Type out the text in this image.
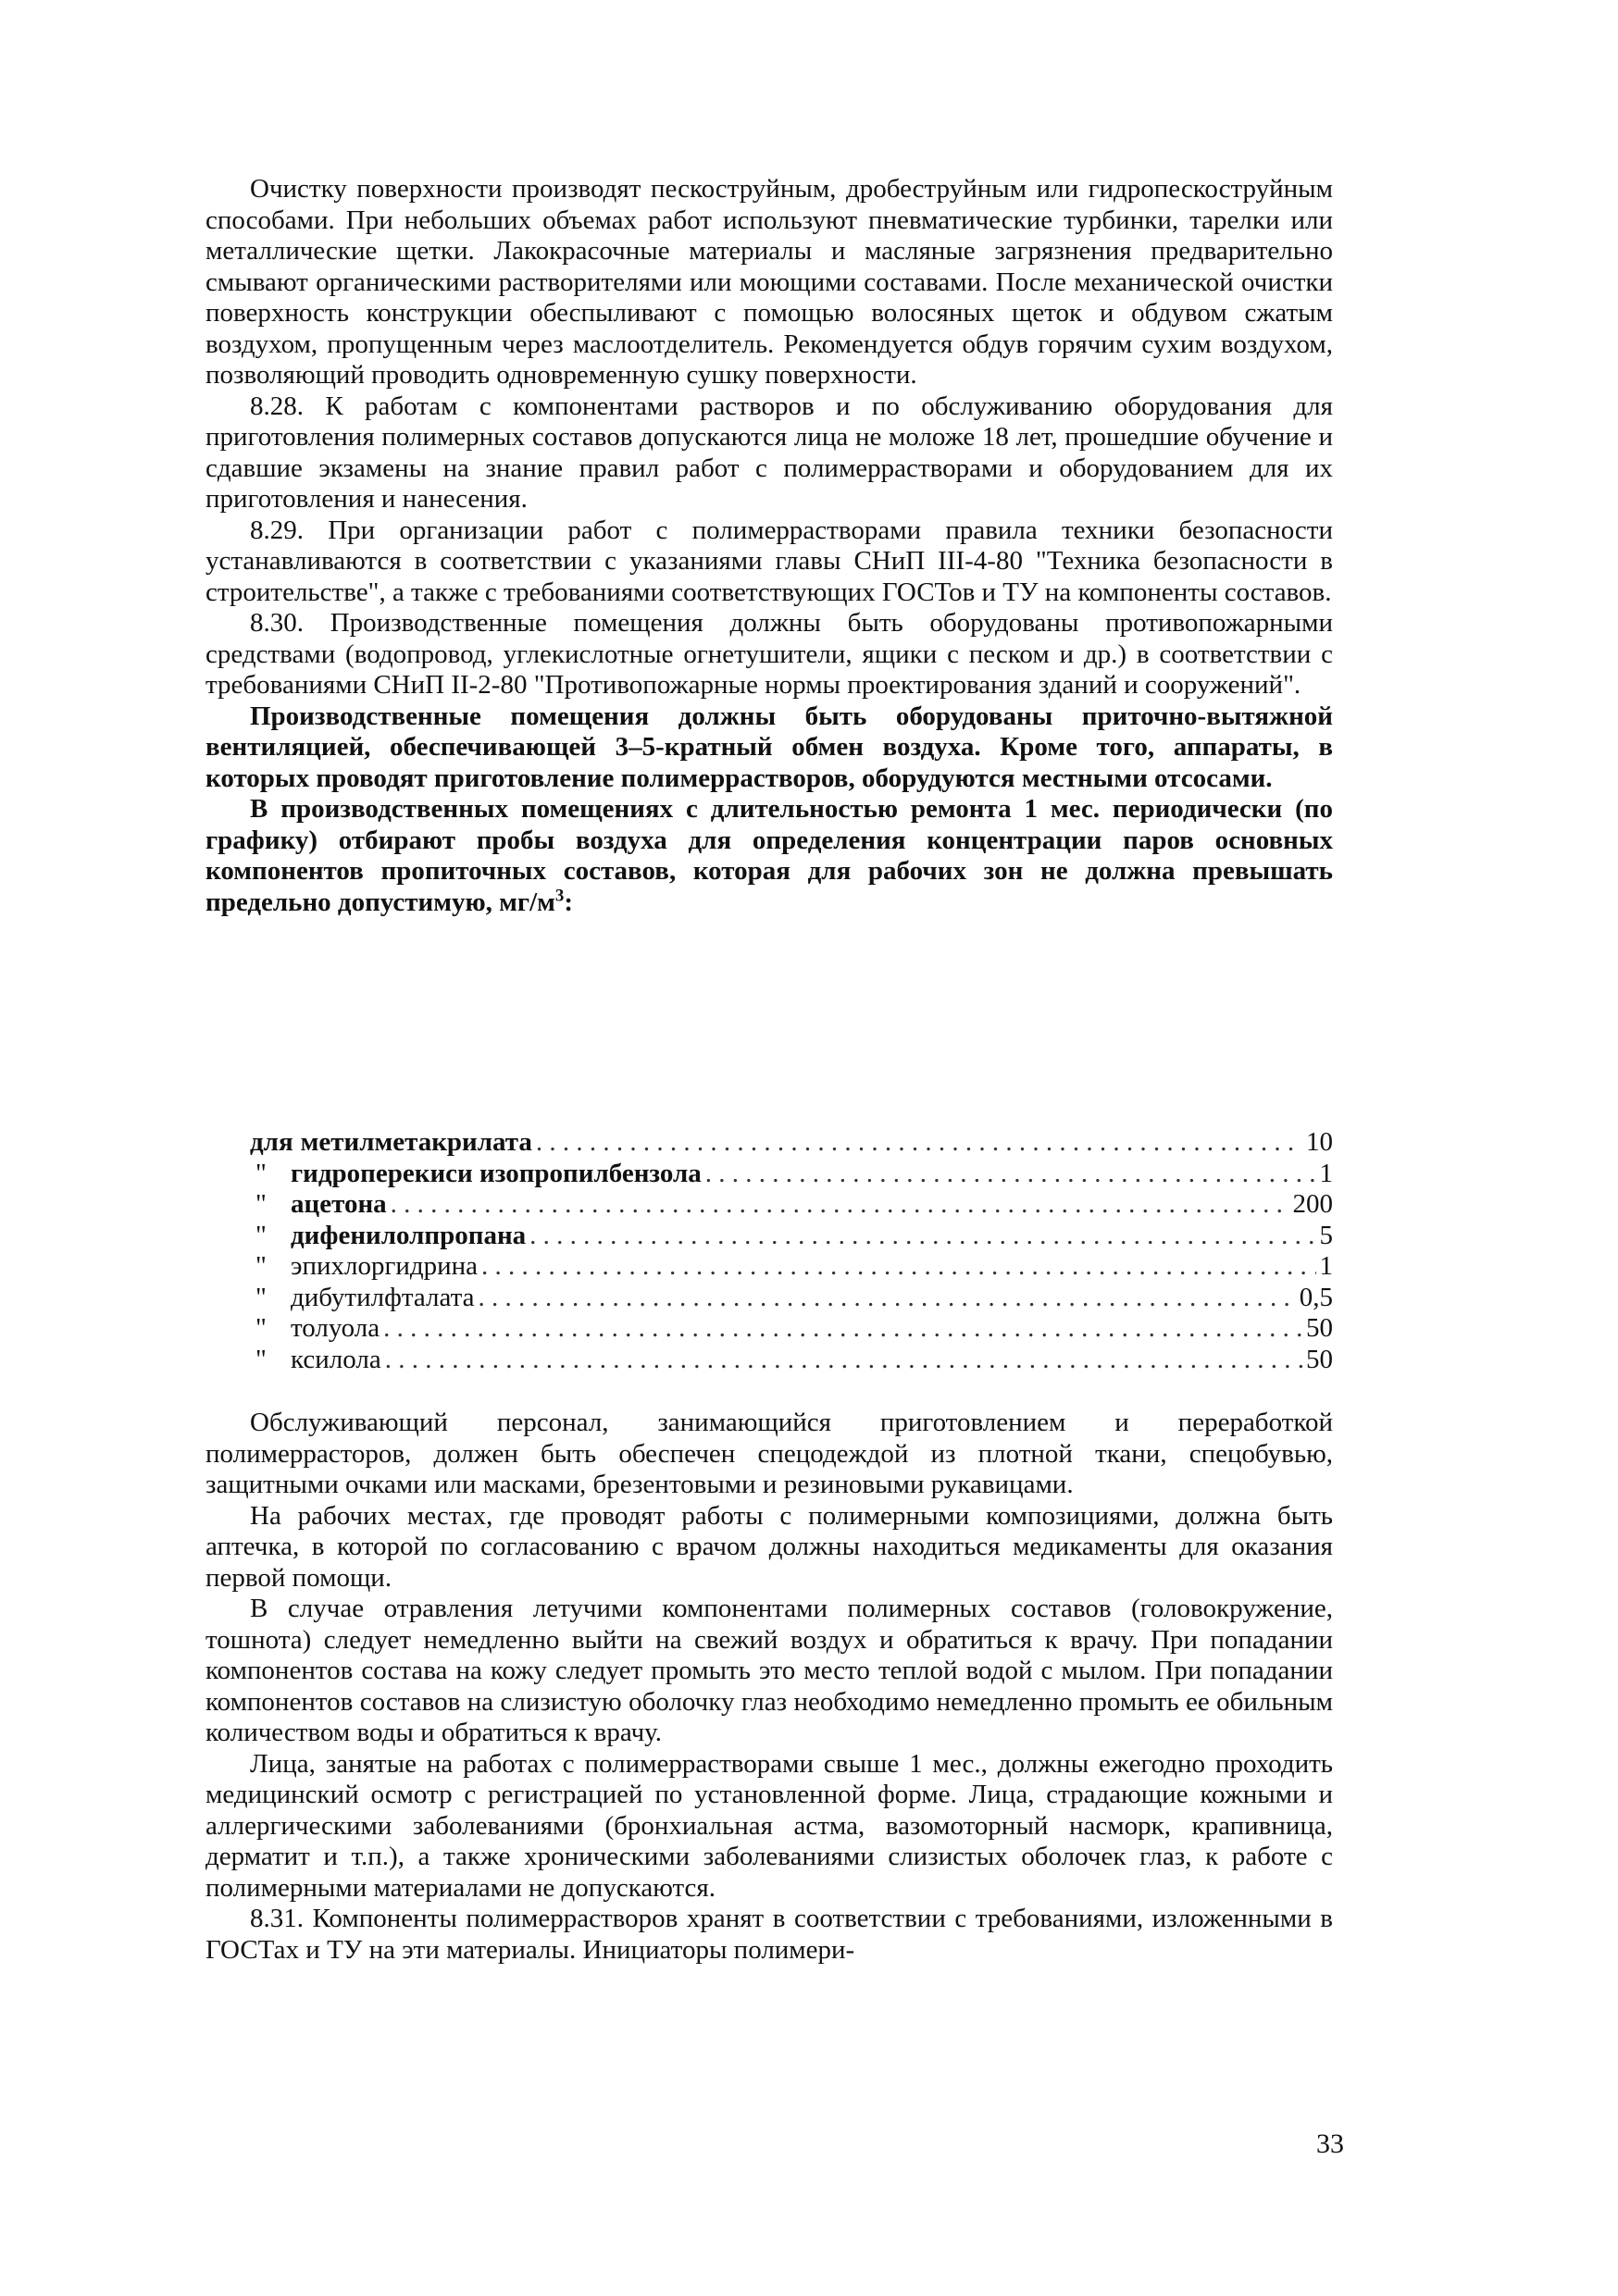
Очистку поверхности производят пескоструйным, дробеструйным или гидропескоструйным способами. При небольших объемах работ используют пневматические турбинки, тарелки или металлические щетки. Лакокрасочные материалы и масляные загрязнения предварительно смывают органическими растворителями или моющими составами. После механической очистки поверхность конструкции обеспыливают с помощью волосяных щеток и обдувом сжатым воздухом, пропущенным через маслоотделитель. Рекомендуется обдув горячим сухим воздухом, позволяющий проводить одновременную сушку поверхности.

8.28. К работам с компонентами растворов и по обслуживанию оборудования для приготовления полимерных составов допускаются лица не моложе 18 лет, прошедшие обучение и сдавшие экзамены на знание правил работ с полимеррастворами и оборудованием для их приготовления и нанесения.

8.29. При организации работ с полимеррастворами правила техники безопасности устанавливаются в соответствии с указаниями главы СНиП III-4-80 "Техника безопасности в строительстве", а также с требованиями соответствующих ГОСТов и ТУ на компоненты составов.

8.30. Производственные помещения должны быть оборудованы противопожарными средствами (водопровод, углекислотные огнетушители, ящики с песком и др.) в соответствии с требованиями СНиП II-2-80 "Противопожарные нормы проектирования зданий и сооружений".

Производственные помещения должны быть оборудованы приточно-вытяжной вентиляцией, обеспечивающей 3–5-кратный обмен воздуха. Кроме того, аппараты, в которых проводят приготовление полимеррастворов, оборудуются местными отсосами.

В производственных помещениях с длительностью ремонта 1 мес. периодически (по графику) отбирают пробы воздуха для определения концентрации паров основных компонентов пропиточных составов, которая для рабочих зон не должна превышать предельно допустимую, $мг/м^3$:

для метилметакрилата . . .	10
" гидроперекиси изопропилбензола . . .	1
" ацетона . . .	200
" дифенилолпропана . . .	5
" эпихлоргидрина . . .	1
" дибутилфталата . . .	0,5
" толуола . . .	50
" ксилола . . .	50

Обслуживающий персонал, занимающийся приготовлением и переработкой полимеррасторов, должен быть обеспечен спецодеждой из плотной ткани, спецобувью, защитными очками или масками, брезентовыми и резиновыми рукавицами.

На рабочих местах, где проводят работы с полимерными композициями, должна быть аптечка, в которой по согласованию с врачом должны находиться медикаменты для оказания первой помощи.

В случае отравления летучими компонентами полимерных составов (головокружение, тошнота) следует немедленно выйти на свежий воздух и обратиться к врачу. При попадании компонентов состава на кожу следует промыть это место теплой водой с мылом. При попадании компонентов составов на слизистую оболочку глаз необходимо немедленно промыть ее обильным количеством воды и обратиться к врачу.

Лица, занятые на работах с полимеррастворами свыше 1 мес., должны ежегодно проходить медицинский осмотр с регистрацией по установленной форме. Лица, страдающие кожными и аллергическими заболеваниями (бронхиальная астма, вазомоторный насморк, крапивница, дерматит и т.п.), а также хроническими заболеваниями слизистых оболочек глаз, к работе с полимерными материалами не допускаются.

8.31. Компоненты полимеррастворов хранят в соответствии с требованиями, изложенными в ГОСТах и ТУ на эти материалы. Инициаторы полимери-

33
